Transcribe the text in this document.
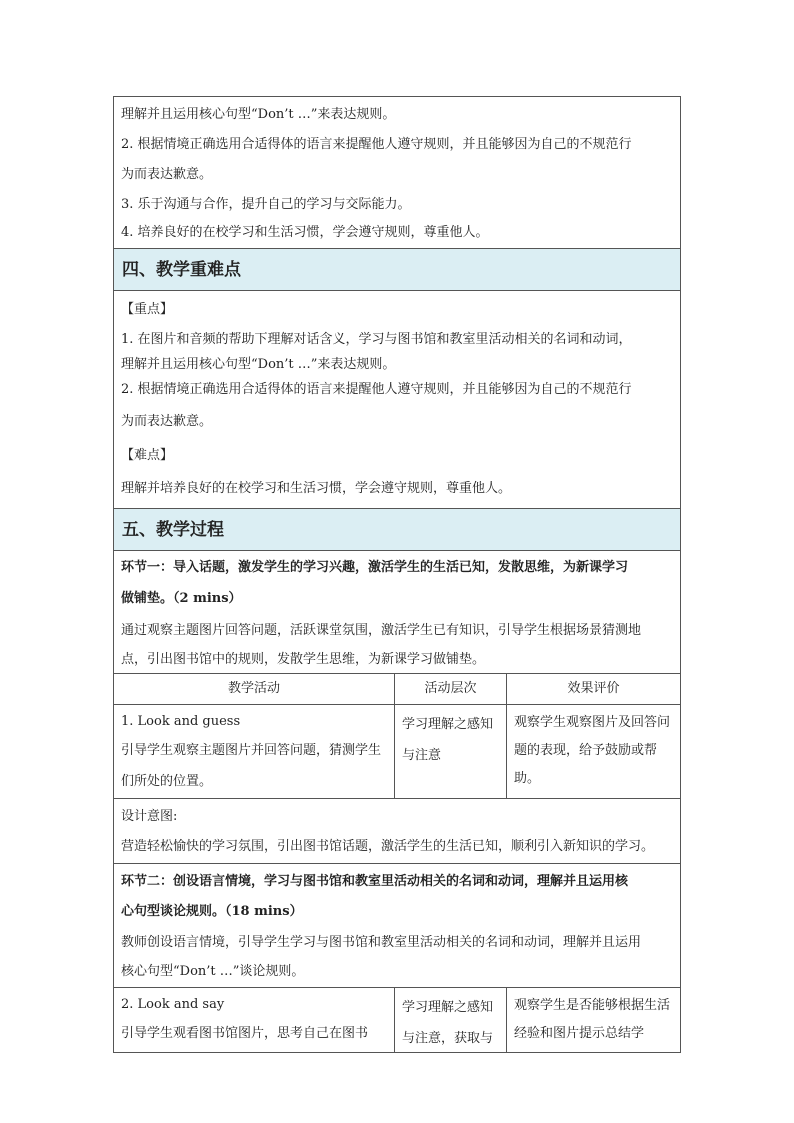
理解并且运用核心句型“Don’t …”来表达规则。
2. 根据情境正确选用合适得体的语言来提醒他人遵守规则，并且能够因为自己的不规范行
为而表达歉意。
3. 乐于沟通与合作，提升自己的学习与交际能力。
4. 培养良好的在校学习和生活习惯，学会遵守规则，尊重他人。
四、教学重难点
【重点】
1. 在图片和音频的帮助下理解对话含义，学习与图书馆和教室里活动相关的名词和动词，
理解并且运用核心句型“Don’t …”来表达规则。
2. 根据情境正确选用合适得体的语言来提醒他人遵守规则，并且能够因为自己的不规范行
为而表达歉意。
【难点】
理解并培养良好的在校学习和生活习惯，学会遵守规则，尊重他人。
五、教学过程
环节一：导入话题，激发学生的学习兴趣，激活学生的生活已知，发散思维，为新课学习
做铺垫。（2 mins）
通过观察主题图片回答问题，活跃课堂氛围，激活学生已有知识，引导学生根据场景猜测地
点，引出图书馆中的规则，发散学生思维，为新课学习做铺垫。
教学活动	活动层次	效果评价
1. Look and guess
引导学生观察主题图片并回答问题，猜测学生们所处的位置。
学习理解之感知与注意
观察学生观察图片及回答问题的表现，给予鼓励或帮助。
设计意图:
营造轻松愉快的学习氛围，引出图书馆话题，激活学生的生活已知，顺利引入新知识的学习。
环节二：创设语言情境，学习与图书馆和教室里活动相关的名词和动词，理解并且运用核
心句型谈论规则。（18 mins）
教师创设语言情境，引导学生学习与图书馆和教室里活动相关的名词和动词，理解并且运用
核心句型“Don’t …”谈论规则。
2. Look and say
引导学生观看图书馆图片，思考自己在图书
学习理解之感知与注意，获取与
观察学生是否能够根据生活经验和图片提示总结学
